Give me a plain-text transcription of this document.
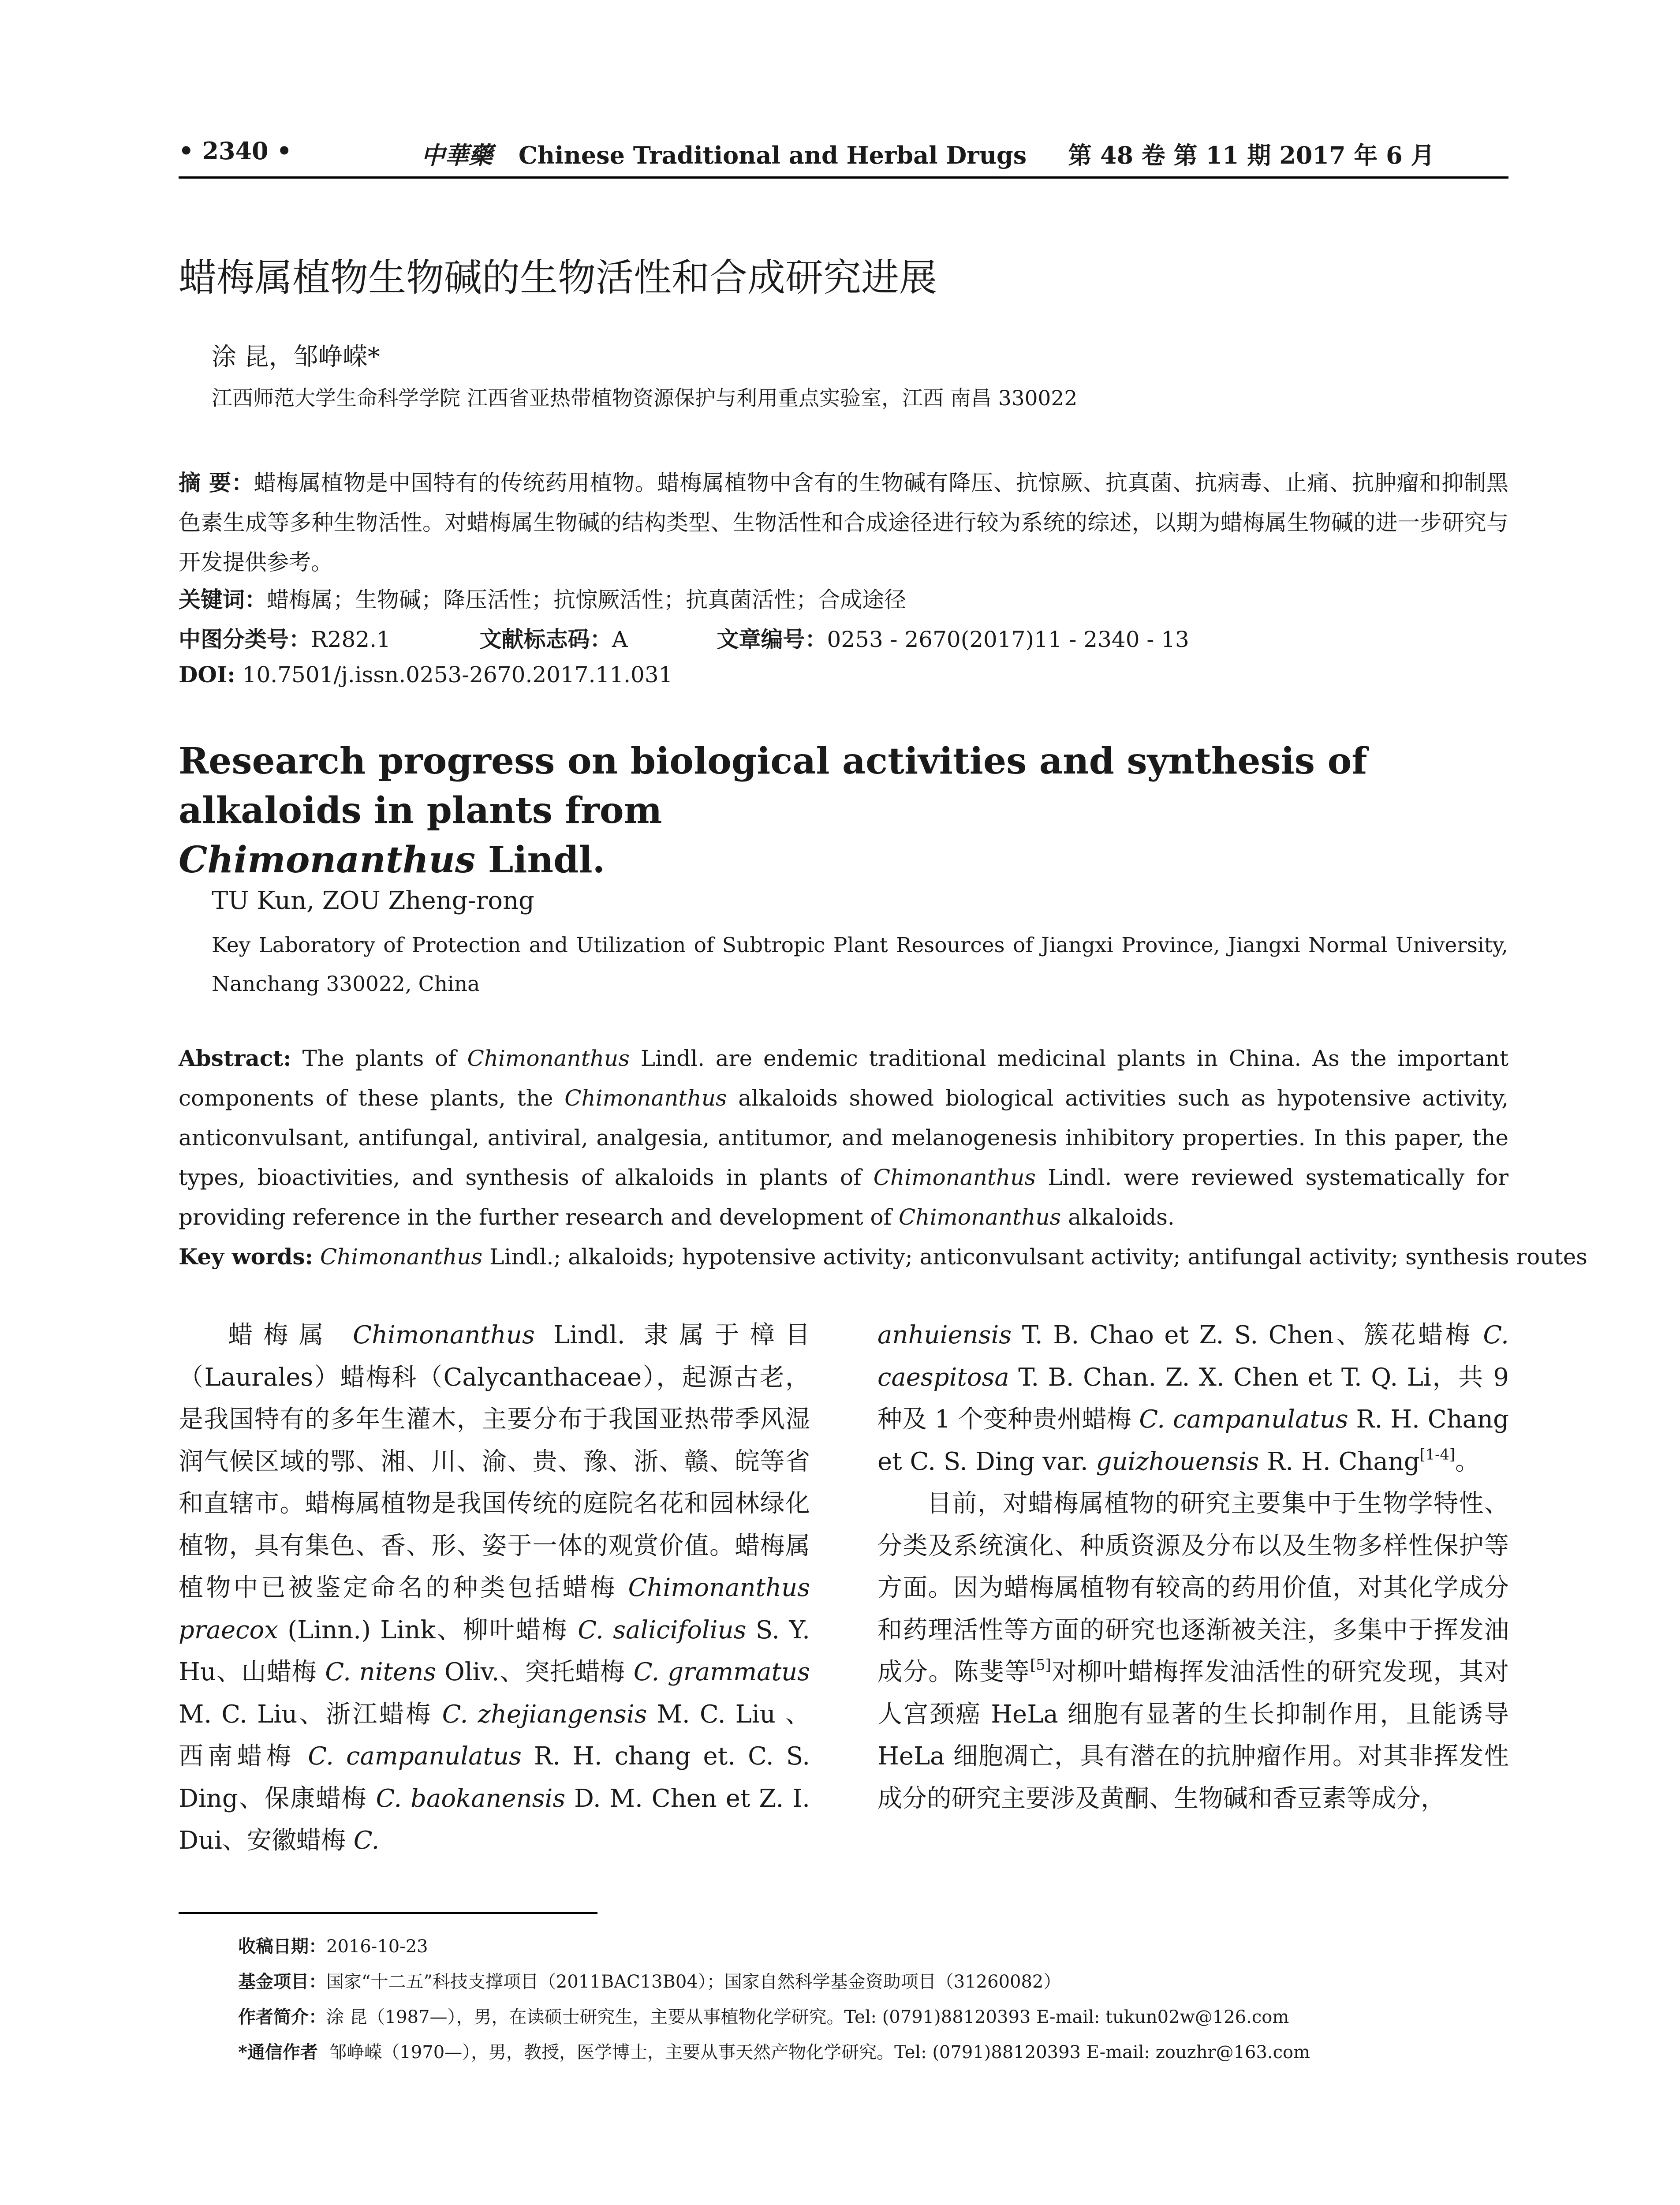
• 2340 •	中華藥 Chinese Traditional and Herbal Drugs 第 48 卷 第 11 期 2017 年 6 月
蜡梅属植物生物碱的生物活性和合成研究进展
涂 昆，邹峥嵘*
江西师范大学生命科学学院 江西省亚热带植物资源保护与利用重点实验室，江西 南昌 330022
摘 要：蜡梅属植物是中国特有的传统药用植物。蜡梅属植物中含有的生物碱有降压、抗惊厥、抗真菌、抗病毒、止痛、抗肿瘤和抑制黑色素生成等多种生物活性。对蜡梅属生物碱的结构类型、生物活性和合成途径进行较为系统的综述，以期为蜡梅属生物碱的进一步研究与开发提供参考。
关键词：蜡梅属；生物碱；降压活性；抗惊厥活性；抗真菌活性；合成途径
中图分类号：R282.1	文献标志码：A	文章编号：0253 - 2670(2017)11 - 2340 - 13
DOI: 10.7501/j.issn.0253-2670.2017.11.031
Research progress on biological activities and synthesis of alkaloids in plants from
Chimonanthus Lindl.
TU Kun, ZOU Zheng-rong
Key Laboratory of Protection and Utilization of Subtropic Plant Resources of Jiangxi Province, Jiangxi Normal University, Nanchang 330022, China
Abstract: The plants of Chimonanthus Lindl. are endemic traditional medicinal plants in China. As the important components of these plants, the Chimonanthus alkaloids showed biological activities such as hypotensive activity, anticonvulsant, antifungal, antiviral, analgesia, antitumor, and melanogenesis inhibitory properties. In this paper, the types, bioactivities, and synthesis of alkaloids in plants of Chimonanthus Lindl. were reviewed systematically for providing reference in the further research and development of Chimonanthus alkaloids.
Key words: Chimonanthus Lindl.; alkaloids; hypotensive activity; anticonvulsant activity; antifungal activity; synthesis routes

蜡梅属 Chimonanthus Lindl. 隶属于樟目（Laurales）蜡梅科（Calycanthaceae），起源古老，是我国特有的多年生灌木，主要分布于我国亚热带季风湿润气候区域的鄂、湘、川、渝、贵、豫、浙、赣、皖等省和直辖市。蜡梅属植物是我国传统的庭院名花和园林绿化植物，具有集色、香、形、姿于一体的观赏价值。蜡梅属植物中已被鉴定命名的种类包括蜡梅 Chimonanthus praecox (Linn.) Link、柳叶蜡梅 C. salicifolius S. Y. Hu、山蜡梅 C. nitens Oliv.、突托蜡梅 C. grammatus M. C. Liu、浙江蜡梅 C. zhejiangensis M. C. Liu 、 西南蜡梅 C. campanulatus R. H. chang et. C. S. Ding、保康蜡梅 C. baokanensis D. M. Chen et Z. I. Dui、安徽蜡梅 C.

anhuiensis T. B. Chao et Z. S. Chen、簇花蜡梅 C. caespitosa T. B. Chan. Z. X. Chen et T. Q. Li，共 9 种及 1 个变种贵州蜡梅 C. campanulatus R. H. Chang et C. S. Ding var. guizhouensis R. H. Chang[1-4]。

目前，对蜡梅属植物的研究主要集中于生物学特性、分类及系统演化、种质资源及分布以及生物多样性保护等方面。因为蜡梅属植物有较高的药用价值，对其化学成分和药理活性等方面的研究也逐渐被关注，多集中于挥发油成分。陈斐等[5]对柳叶蜡梅挥发油活性的研究发现，其对人宫颈癌 HeLa 细胞有显著的生长抑制作用，且能诱导 HeLa 细胞凋亡，具有潜在的抗肿瘤作用。对其非挥发性成分的研究主要涉及黄酮、生物碱和香豆素等成分，

收稿日期：2016-10-23
基金项目：国家“十二五”科技支撑项目（2011BAC13B04）；国家自然科学基金资助项目（31260082）
作者简介：涂 昆（1987—），男，在读硕士研究生，主要从事植物化学研究。Tel: (0791)88120393 E-mail: tukun02w@126.com
*通信作者 邹峥嵘（1970—），男，教授，医学博士，主要从事天然产物化学研究。Tel: (0791)88120393 E-mail: zouzhr@163.com
